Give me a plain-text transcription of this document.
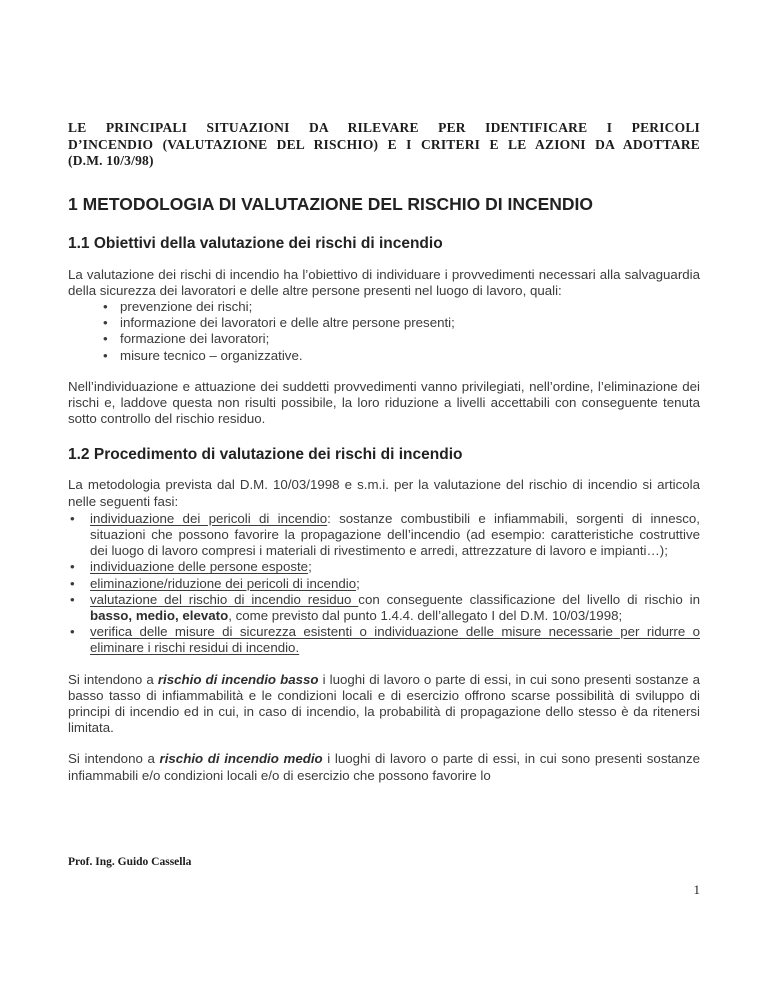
LE PRINCIPALI SITUAZIONI DA RILEVARE PER IDENTIFICARE I PERICOLI
D’INCENDIO (VALUTAZIONE DEL RISCHIO) E I CRITERI E LE AZIONI DA ADOTTARE
(D.M. 10/3/98)
1 METODOLOGIA DI VALUTAZIONE DEL RISCHIO DI INCENDIO
1.1 Obiettivi della valutazione dei rischi di incendio
La valutazione dei rischi di incendio ha l’obiettivo di individuare i provvedimenti necessari alla salvaguardia della sicurezza dei lavoratori e delle altre persone presenti nel luogo di lavoro, quali:
• prevenzione dei rischi;
• informazione dei lavoratori e delle altre persone presenti;
• formazione dei lavoratori;
• misure tecnico – organizzative.
Nell’individuazione e attuazione dei suddetti provvedimenti vanno privilegiati, nell’ordine, l’eliminazione dei rischi e, laddove questa non risulti possibile, la loro riduzione a livelli accettabili con conseguente tenuta sotto controllo del rischio residuo.
1.2 Procedimento di valutazione dei rischi di incendio
La metodologia prevista dal D.M. 10/03/1998 e s.m.i. per la valutazione del rischio di incendio si articola nelle seguenti fasi:
• individuazione dei pericoli di incendio: sostanze combustibili e infiammabili, sorgenti di innesco, situazioni che possono favorire la propagazione dell’incendio (ad esempio: caratteristiche costruttive dei luogo di lavoro compresi i materiali di rivestimento e arredi, attrezzature di lavoro e impianti…);
• individuazione delle persone esposte;
• eliminazione/riduzione dei pericoli di incendio;
• valutazione del rischio di incendio residuo con conseguente classificazione del livello di rischio in basso, medio, elevato, come previsto dal punto 1.4.4. dell’allegato I del D.M. 10/03/1998;
• verifica delle misure di sicurezza esistenti o individuazione delle misure necessarie per ridurre o eliminare i rischi residui di incendio.
Si intendono a rischio di incendio basso i luoghi di lavoro o parte di essi, in cui sono presenti sostanze a basso tasso di infiammabilità e le condizioni locali e di esercizio offrono scarse possibilità di sviluppo di principi di incendio ed in cui, in caso di incendio, la probabilità di propagazione dello stesso è da ritenersi limitata.
Si intendono a rischio di incendio medio i luoghi di lavoro o parte di essi, in cui sono presenti sostanze infiammabili e/o condizioni locali e/o di esercizio che possono favorire lo
Prof. Ing. Guido Cassella
1
